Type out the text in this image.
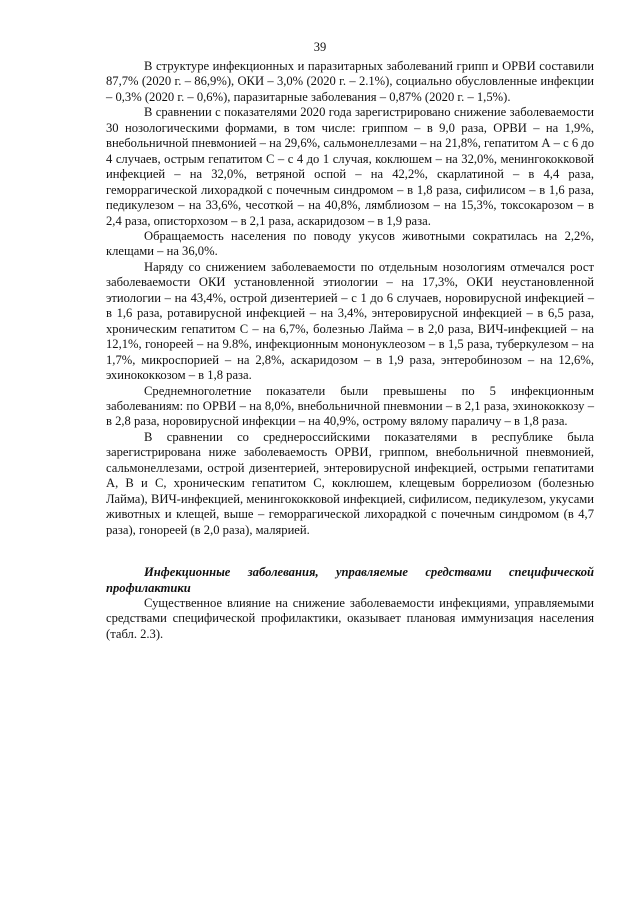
39

В структуре инфекционных и паразитарных заболеваний грипп и ОРВИ составили 87,7% (2020 г. – 86,9%), ОКИ – 3,0% (2020 г. – 2.1%), социально обусловленные инфекции – 0,3% (2020 г. – 0,6%), паразитарные заболевания – 0,87% (2020 г. – 1,5%).

В сравнении с показателями 2020 года зарегистрировано снижение заболеваемости 30 нозологическими формами, в том числе: гриппом – в 9,0 раза, ОРВИ – на 1,9%, внебольничной пневмонией – на 29,6%, сальмонеллезами – на 21,8%, гепатитом А – с 6 до 4 случаев, острым гепатитом С – с 4 до 1 случая, коклюшем – на 32,0%, менингококковой инфекцией – на 32,0%, ветряной оспой – на 42,2%, скарлатиной – в 4,4 раза, геморрагической лихорадкой с почечным синдромом – в 1,8 раза, сифилисом – в 1,6 раза, педикулезом – на 33,6%, чесоткой – на 40,8%, лямблиозом – на 15,3%, токсокарозом – в 2,4 раза, описторхозом – в 2,1 раза, аскаридозом – в 1,9 раза.

Обращаемость населения по поводу укусов животными сократилась на 2,2%, клещами – на 36,0%.

Наряду со снижением заболеваемости по отдельным нозологиям отмечался рост заболеваемости ОКИ установленной этиологии – на 17,3%, ОКИ неустановленной этиологии – на 43,4%, острой дизентерией – с 1 до 6 случаев, норовирусной инфекцией – в 1,6 раза, ротавирусной инфекцией – на 3,4%, энтеровирусной инфекцией – в 6,5 раза, хроническим гепатитом С – на 6,7%, болезнью Лайма – в 2,0 раза, ВИЧ-инфекцией – на 12,1%, гонореей – на 9.8%, инфекционным мононуклеозом – в 1,5 раза, туберкулезом – на 1,7%, микроспорией – на 2,8%, аскаридозом – в 1,9 раза, энтеробинозом – на 12,6%, эхинококкозом – в 1,8 раза.

Среднемноголетние показатели были превышены по 5 инфекционным заболеваниям: по ОРВИ – на 8,0%, внебольничной пневмонии – в 2,1 раза, эхинококкозу – в 2,8 раза, норовирусной инфекции – на 40,9%, острому вялому параличу – в 1,8 раза.

В сравнении со среднероссийскими показателями в республике была зарегистрирована ниже заболеваемость ОРВИ, гриппом, внебольничной пневмонией, сальмонеллезами, острой дизентерией, энтеровирусной инфекцией, острыми гепатитами А, В и С, хроническим гепатитом С, коклюшем, клещевым боррелиозом (болезнью Лайма), ВИЧ-инфекцией, менингококковой инфекцией, сифилисом, педикулезом, укусами животных и клещей, выше – геморрагической лихорадкой с почечным синдромом (в 4,7 раза), гонореей (в 2,0 раза), малярией.

Инфекционные заболевания, управляемые средствами специфической профилактики

Существенное влияние на снижение заболеваемости инфекциями, управляемыми средствами специфической профилактики, оказывает плановая иммунизация населения (табл. 2.3).
